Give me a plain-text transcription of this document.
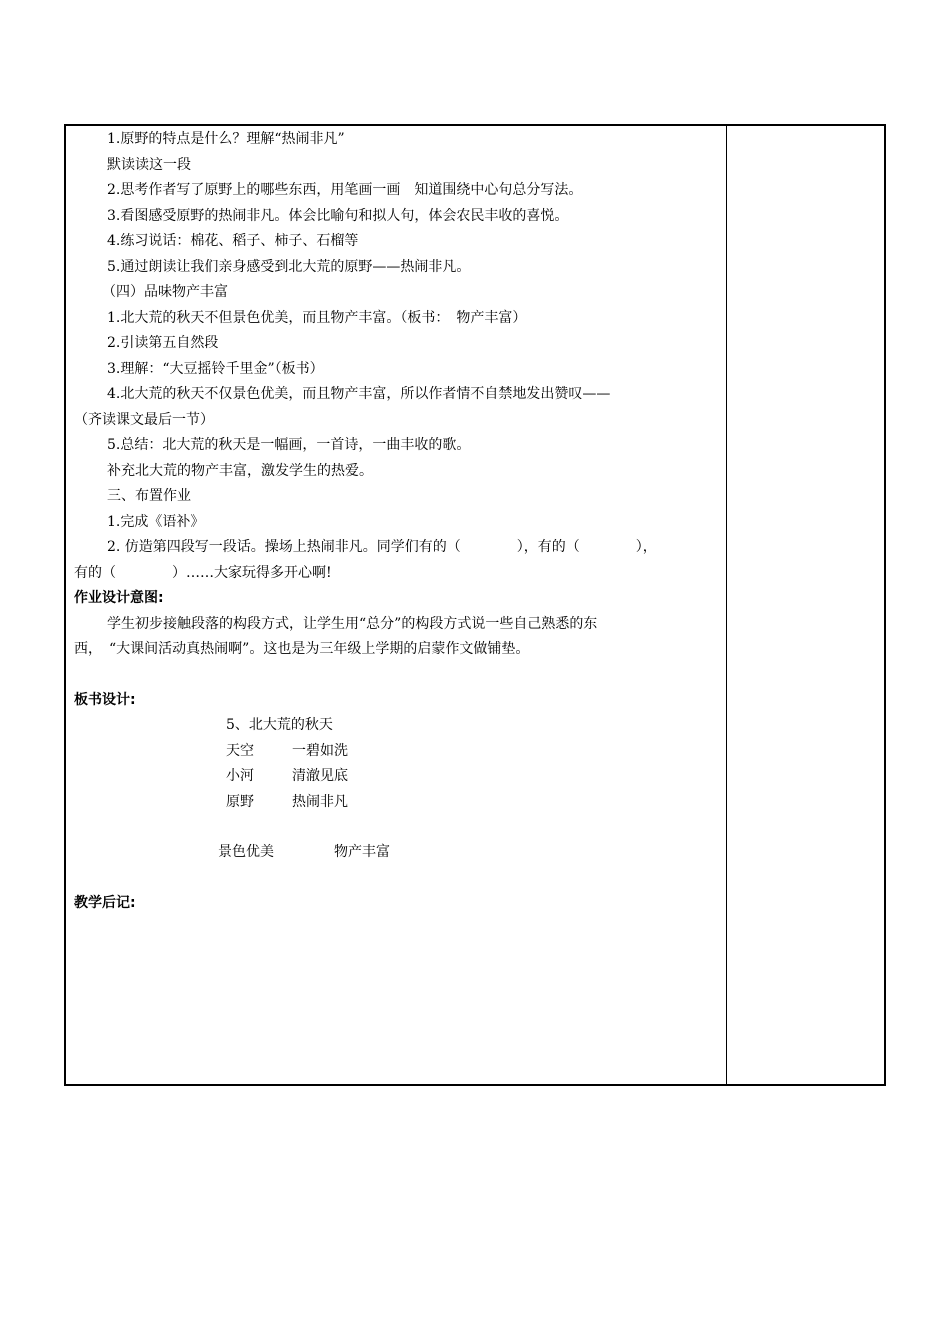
1.原野的特点是什么？理解“热闹非凡”
默读读这一段
2.思考作者写了原野上的哪些东西，用笔画一画　知道围绕中心句总分写法。
3.看图感受原野的热闹非凡。体会比喻句和拟人句，体会农民丰收的喜悦。
4.练习说话：棉花、稻子、柿子、石榴等
5.通过朗读让我们亲身感受到北大荒的原野——热闹非凡。
（四）品味物产丰富
1.北大荒的秋天不但景色优美，而且物产丰富。（板书：　物产丰富）
2.引读第五自然段
3.理解：“大豆摇铃千里金”（板书）
4.北大荒的秋天不仅景色优美，而且物产丰富，所以作者情不自禁地发出赞叹——
（齐读课文最后一节）
5.总结：北大荒的秋天是一幅画，一首诗，一曲丰收的歌。
补充北大荒的物产丰富，激发学生的热爱。
三、布置作业
1.完成《语补》
2. 仿造第四段写一段话。操场上热闹非凡。同学们有的（　　　　），有的（　　　　），
有的（　　　　）……大家玩得多开心啊!
作业设计意图:
学生初步接触段落的构段方式，让学生用“总分”的构段方式说一些自己熟悉的东
西，　“大课间活动真热闹啊”。这也是为三年级上学期的启蒙作文做铺垫。
板书设计:
5、北大荒的秋天
天空	一碧如洗
小河	清澈见底
原野	热闹非凡
景色优美	物产丰富
教学后记:
